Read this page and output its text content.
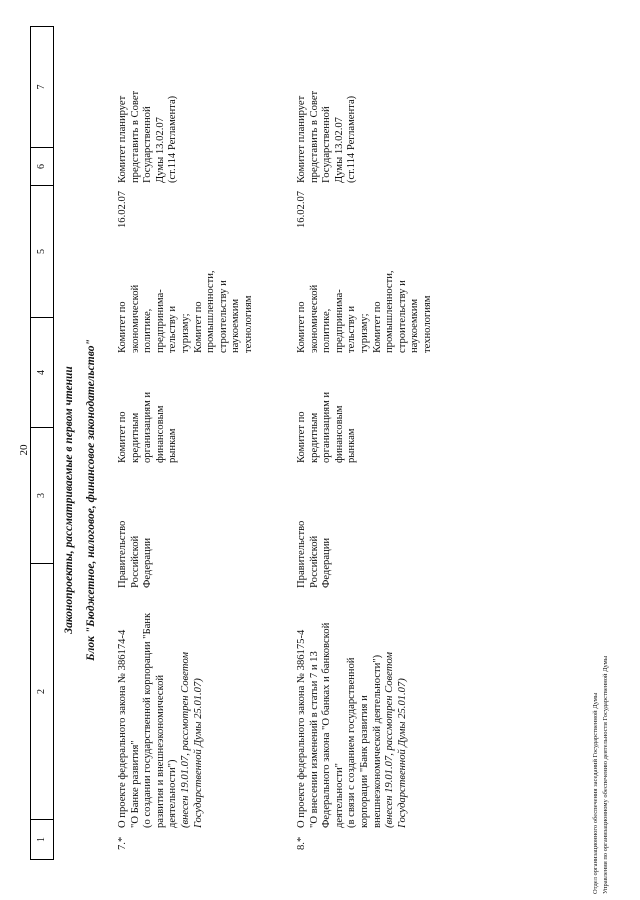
20
1
2
3
4
5
6
7
Законопроекты, рассматриваемые в первом чтении Блок "Бюджетное, налоговое, финансовое законодательство"
7.*
О проекте федерального закона № 386174-4 "О Банке развития" (о создании государственной корпорации "Банк развития и внешнеэкономической деятельности") (внесен 19.01.07, рассмотрен Советом Государственной Думы 25.01.07)
Правительство Российской Федерации
Комитет по кредитным организациям и финансовым рынкам
Комитет по экономической политике, предпринима- тельству и туризму; Комитет по промышленности, строительству и наукоемким технологиям
16.02.07
Комитет планирует представить в Совет Государственной Думы 13.02.07 (ст.114 Регламента)
8.*
О проекте федерального закона № 386175-4 "О внесении изменений в статьи 7 и 13 Федерального закона "О банках и банковской деятельности" (в связи с созданием государственной корпорации "Банк развития и внешнеэкономической деятельности") (внесен 19.01.07, рассмотрен Советом Государственной Думы 25.01.07)
Правительство Российской Федерации
Комитет по кредитным организациям и финансовым рынкам
Комитет по экономической политике, предпринима- тельству и туризму; Комитет по промышленности, строительству и наукоемким технологиям
16.02.07
Комитет планирует представить в Совет Государственной Думы 13.02.07 (ст.114 Регламента)
Отдел организационного обеспечения заседаний Государственной Думы Управления по организационному обеспечению деятельности Государственной Думы
